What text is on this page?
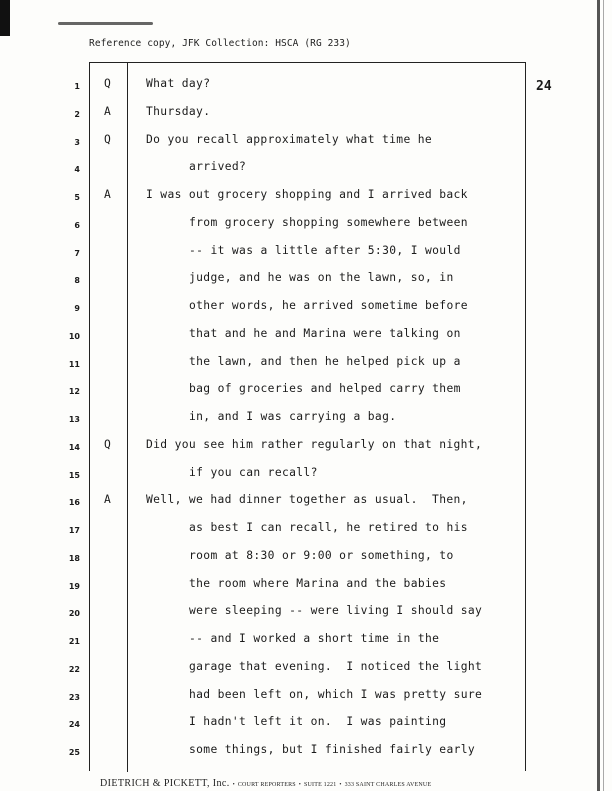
Reference copy, JFK Collection: HSCA (RG 233)

24
1 Q	What day?
2 A	Thursday.
3 Q	Do you recall approximately what time he
4	arrived?
5 A	I was out grocery shopping and I arrived back
6	from grocery shopping somewhere between
7	-- it was a little after 5:30, I would
8	judge, and he was on the lawn, so, in
9	other words, he arrived sometime before
10	that and he and Marina were talking on
11	the lawn, and then he helped pick up a
12	bag of groceries and helped carry them
13	in, and I was carrying a bag.
14 Q	Did you see him rather regularly on that night,
15	if you can recall?
16 A	Well, we had dinner together as usual.  Then,
17	as best I can recall, he retired to his
18	room at 8:30 or 9:00 or something, to
19	the room where Marina and the babies
20	were sleeping -- were living I should say
21	-- and I worked a short time in the
22	garage that evening.  I noticed the light
23	had been left on, which I was pretty sure
24	I hadn't left it on.  I was painting
25	some things, but I finished fairly early
DIETRICH & PICKETT, Inc. • COURT REPORTERS • SUITE 1221 • 333 SAINT CHARLES AVENUE
